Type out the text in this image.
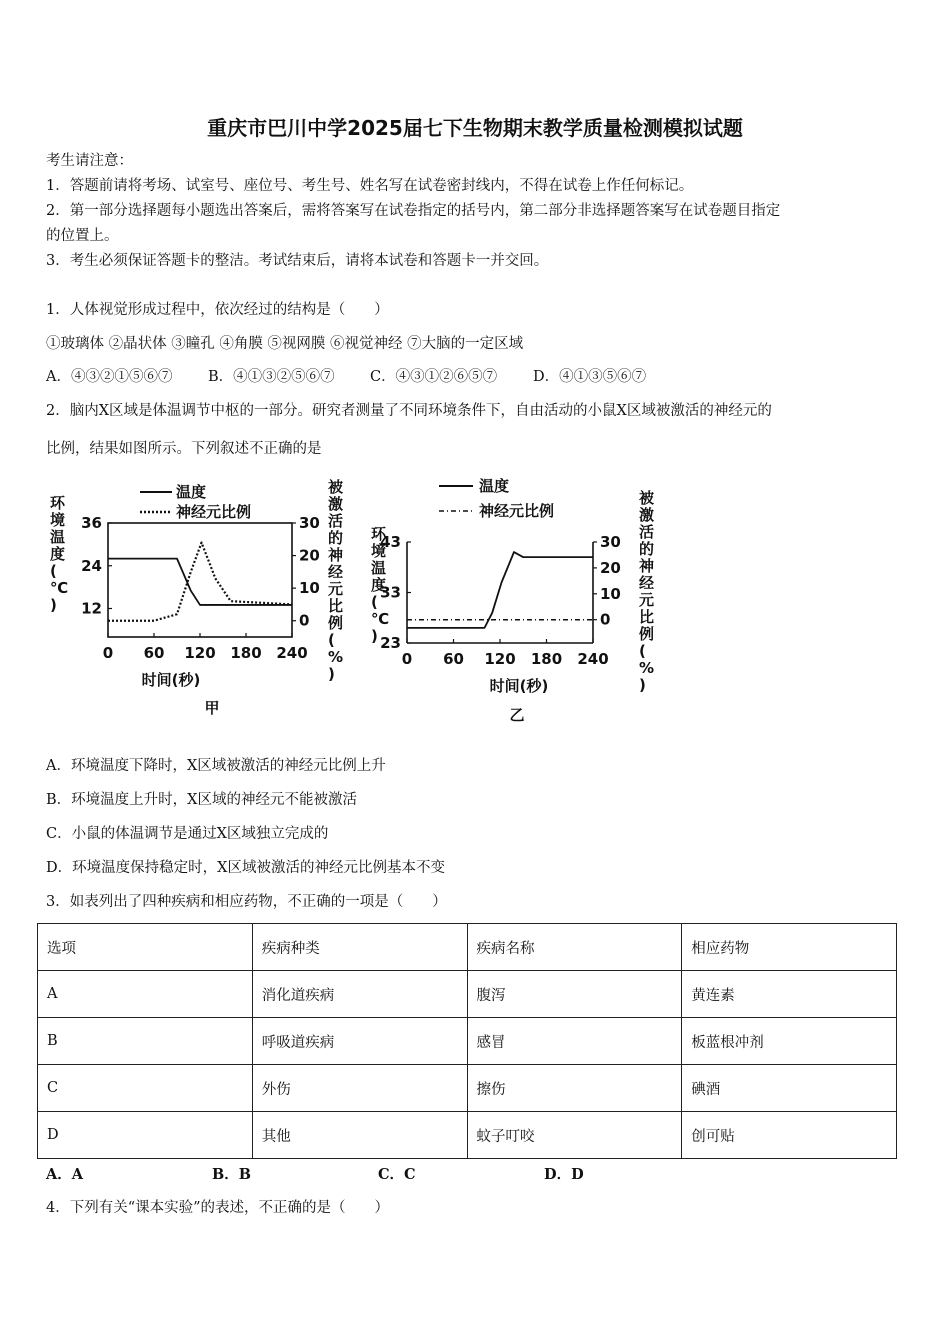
重庆市巴川中学2025届七下生物期末教学质量检测模拟试题
考生请注意：
1．答题前请将考场、试室号、座位号、考生号、姓名写在试卷密封线内，不得在试卷上作任何标记。
2．第一部分选择题每小题选出答案后，需将答案写在试卷指定的括号内，第二部分非选择题答案写在试卷题目指定
的位置上。
3．考生必须保证答题卡的整洁。考试结束后，请将本试卷和答题卡一并交回。
1．人体视觉形成过程中，依次经过的结构是（　　）
①玻璃体 ②晶状体 ③瞳孔 ④角膜 ⑤视网膜 ⑥视觉神经 ⑦大脑的一定区域
A．④③②①⑤⑥⑦ B．④①③②⑤⑥⑦ C．④③①②⑥⑤⑦ D．④①③⑤⑥⑦
2．脑内X区域是体温调节中枢的一部分。研究者测量了不同环境条件下，自由活动的小鼠X区域被激活的神经元的
比例，结果如图所示。下列叙述不正确的是
温度
神经元比例
环境温度( ℃ )
被激活的神经元比例( % )
时间(秒)
甲
0 60 120 180 240
12
24
36
0
10
20
30
温度
神经元比例
环境温度( ℃ )
被激活的神经元比例( % )
时间(秒)
乙
0 60 120 180 240
23
33
43
0
10
20
30
A．环境温度下降时，X区域被激活的神经元比例上升
B．环境温度上升时，X区域的神经元不能被激活
C．小鼠的体温调节是通过X区域独立完成的
D．环境温度保持稳定时，X区域被激活的神经元比例基本不变
3．如表列出了四种疾病和相应药物，不正确的一项是（　　）
选项	疾病种类	疾病名称	相应药物
A	消化道疾病	腹泻	黄连素
B	呼吸道疾病	感冒	板蓝根冲剂
C	外伤	擦伤	碘酒
D	其他	蚊子叮咬	创可贴
A．A	B．B	C．C	D．D
4．下列有关“课本实验”的表述，不正确的是（　　）
